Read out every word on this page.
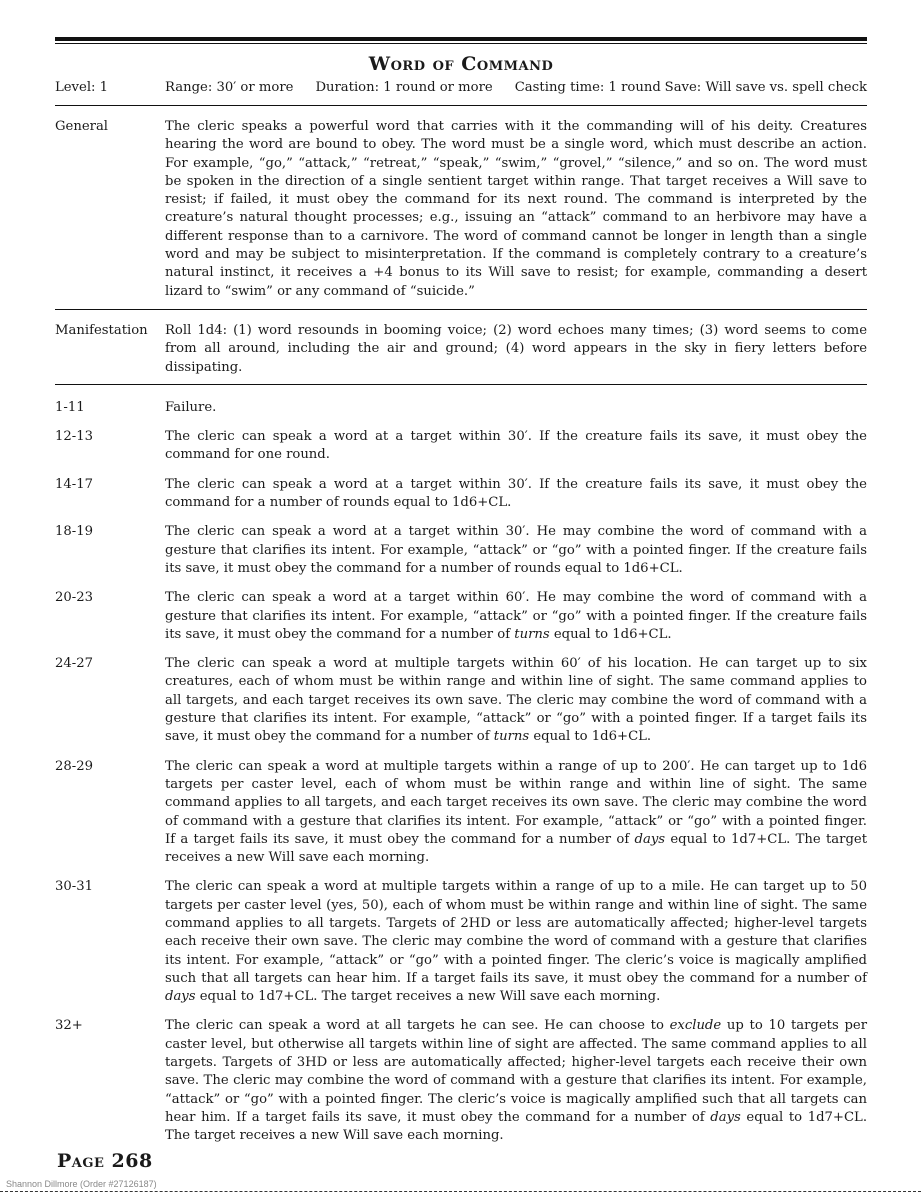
Word of Command
Level: 1	Range: 30′ or more Duration: 1 round or more Casting time: 1 round Save: Will save vs. spell check
General	The cleric speaks a powerful word that carries with it the commanding will of his deity. Creatures hearing the word are bound to obey. The word must be a single word, which must describe an action. For example, “go,” “attack,” “retreat,” “speak,” “swim,” “grovel,” “silence,” and so on. The word must be spoken in the direction of a single sentient target within range. That target receives a Will save to resist; if failed, it must obey the command for its next round. The command is interpreted by the creature’s natural thought processes; e.g., issuing an “attack” command to an herbivore may have a different response than to a carnivore. The word of command cannot be longer in length than a single word and may be subject to misinterpretation. If the command is completely contrary to a creature’s natural instinct, it receives a +4 bonus to its Will save to resist; for example, commanding a desert lizard to “swim” or any command of “suicide.”
Manifestation	Roll 1d4: (1) word resounds in booming voice; (2) word echoes many times; (3) word seems to come from all around, including the air and ground; (4) word appears in the sky in fiery letters before dissipating.
1-11	Failure.
12-13	The cleric can speak a word at a target within 30′. If the creature fails its save, it must obey the command for one round.
14-17	The cleric can speak a word at a target within 30′. If the creature fails its save, it must obey the command for a number of rounds equal to 1d6+CL.
18-19	The cleric can speak a word at a target within 30′. He may combine the word of command with a gesture that clarifies its intent. For example, “attack” or “go” with a pointed finger. If the creature fails its save, it must obey the command for a number of rounds equal to 1d6+CL.
20-23	The cleric can speak a word at a target within 60′. He may combine the word of command with a gesture that clarifies its intent. For example, “attack” or “go” with a pointed finger. If the creature fails its save, it must obey the command for a number of turns equal to 1d6+CL.
24-27	The cleric can speak a word at multiple targets within 60′ of his location. He can target up to six creatures, each of whom must be within range and within line of sight. The same command applies to all targets, and each target receives its own save. The cleric may combine the word of command with a gesture that clarifies its intent. For example, “attack” or “go” with a pointed finger. If a target fails its save, it must obey the command for a number of turns equal to 1d6+CL.
28-29	The cleric can speak a word at multiple targets within a range of up to 200′. He can target up to 1d6 targets per caster level, each of whom must be within range and within line of sight. The same command applies to all targets, and each target receives its own save. The cleric may combine the word of command with a gesture that clarifies its intent. For example, “attack” or “go” with a pointed finger. If a target fails its save, it must obey the command for a number of days equal to 1d7+CL. The target receives a new Will save each morning.
30-31	The cleric can speak a word at multiple targets within a range of up to a mile. He can target up to 50 targets per caster level (yes, 50), each of whom must be within range and within line of sight. The same command applies to all targets. Targets of 2HD or less are automatically affected; higher-level targets each receive their own save. The cleric may combine the word of command with a gesture that clarifies its intent. For example, “attack” or “go” with a pointed finger. The cleric’s voice is magically amplified such that all targets can hear him. If a target fails its save, it must obey the command for a number of days equal to 1d7+CL. The target receives a new Will save each morning.
32+	The cleric can speak a word at all targets he can see. He can choose to exclude up to 10 targets per caster level, but otherwise all targets within line of sight are affected. The same command applies to all targets. Targets of 3HD or less are automatically affected; higher-level targets each receive their own save. The cleric may combine the word of command with a gesture that clarifies its intent. For example, “attack” or “go” with a pointed finger. The cleric’s voice is magically amplified such that all targets can hear him. If a target fails its save, it must obey the command for a number of days equal to 1d7+CL. The target receives a new Will save each morning.
Page 268
Shannon Dillmore (Order #27126187)
